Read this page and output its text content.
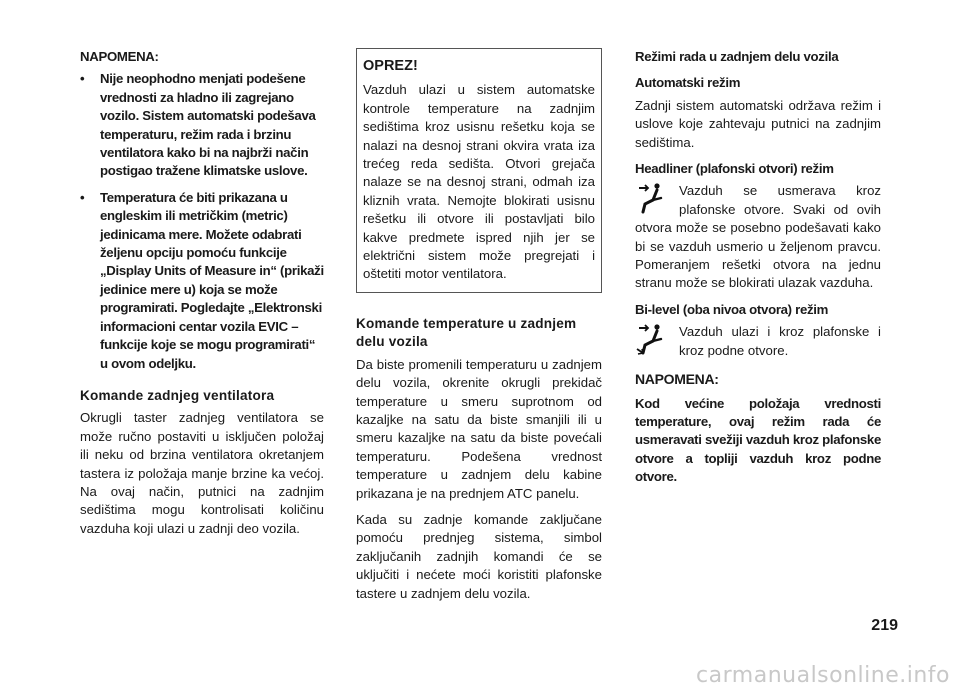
NAPOMENA:
• Nije neophodno menjati podešene vrednosti za hladno ili zagrejano vozilo. Sistem automatski podešava temperaturu, režim rada i brzinu ventilatora kako bi na najbrži način postigao tražene klimatske uslove.
• Temperatura će biti prikazana u engleskim ili metričkim (metric) jedinicama mere. Možete odabrati željenu opciju pomoću funkcije „Display Units of Measure in“ (prikaži jedinice mere u) koja se može programirati. Pogledajte „Elektronski informacioni centar vozila EVIC – funkcije koje se mogu programirati“ u ovom odeljku.
Komande zadnjeg ventilatora

Okrugli taster zadnjeg ventilatora se može ručno postaviti u isključen položaj ili neku od brzina ventilatora okretanjem tastera iz položaja manje brzine ka većoj. Na ovaj način, putnici na zadnjim sedištima mogu kontrolisati količinu vazduha koji ulazi u zadnji deo vozila.

OPREZ!
Vazduh ulazi u sistem automatske kontrole temperature na zadnjim sedištima kroz usisnu rešetku koja se nalazi na desnoj strani okvira vrata iza trećeg reda sedišta. Otvori grejača nalaze se na desnoj strani, odmah iza kliznih vrata. Nemojte blokirati usisnu rešetku ili otvore ili postavljati bilo kakve predmete ispred njih jer se električni sistem može pregrejati i oštetiti motor ventilatora.
Komande temperature u zadnjem delu vozila

Da biste promenili temperaturu u zadnjem delu vozila, okrenite okrugli prekidač temperature u smeru suprotnom od kazaljke na satu da biste smanjili ili u smeru kazaljke na satu da biste povećali temperaturu. Podešena vrednost temperature u zadnjem delu kabine prikazana je na prednjem ATC panelu.

Kada su zadnje komande zaključane pomoću prednjeg sistema, simbol zaključanih zadnjih komandi će se uključiti i nećete moći koristiti plafonske tastere u zadnjem delu vozila.

Režimi rada u zadnjem delu vozila
Automatski režim

Zadnji sistem automatski održava režim i uslove koje zahtevaju putnici na zadnjim sedištima.

Headliner (plafonski otvori) režim
Vazduh se usmerava kroz plafonske otvore. Svaki od ovih otvora može se posebno podešavati kako bi se vazduh usmerio u željenom pravcu. Pomeranjem rešetki otvora na jednu stranu može se blokirati ulazak vazduha.
Bi-level (oba nivoa otvora) režim
Vazduh ulazi i kroz plafonske i kroz podne otvore.
NAPOMENA:

Kod većine položaja vrednosti temperature, ovaj režim rada će usmeravati svežiji vazduh kroz plafonske otvore a topliji vazduh kroz podne otvore.

219
carmanualsonline.info
